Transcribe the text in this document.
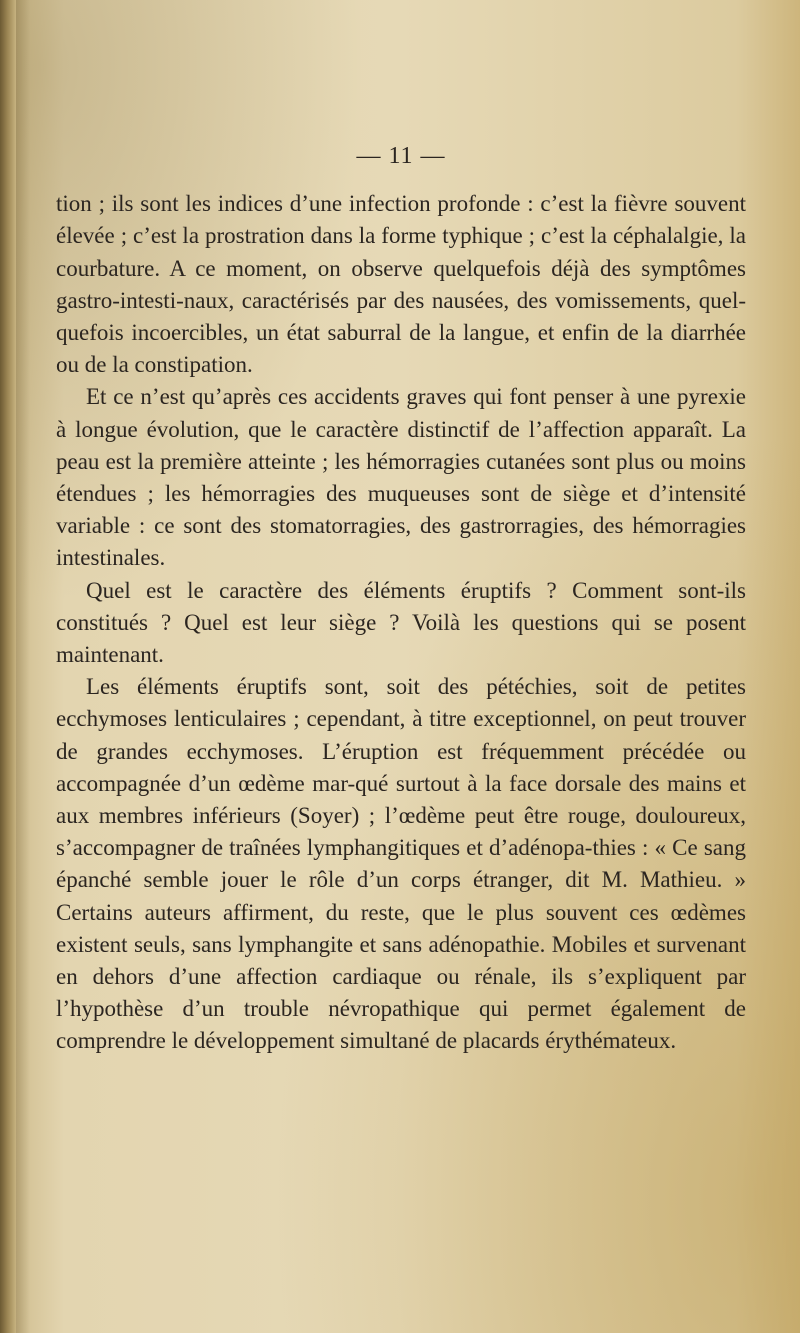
— 11 —

tion ; ils sont les indices d’une infection profonde : c’est la fièvre souvent élevée ; c’est la prostration dans la forme typhique ; c’est la céphalalgie, la courbature. A ce moment, on observe quelquefois déjà des symptômes gastro-intesti-naux, caractérisés par des nausées, des vomissements, quel-quefois incoercibles, un état saburral de la langue, et enfin de la diarrhée ou de la constipation.

Et ce n’est qu’après ces accidents graves qui font penser à une pyrexie à longue évolution, que le caractère distinctif de l’affection apparaît. La peau est la première atteinte ; les hémorragies cutanées sont plus ou moins étendues ; les hémorragies des muqueuses sont de siège et d’intensité variable : ce sont des stomatorragies, des gastrorragies, des hémorragies intestinales.

Quel est le caractère des éléments éruptifs ? Comment sont-ils constitués ? Quel est leur siège ? Voilà les questions qui se posent maintenant.

Les éléments éruptifs sont, soit des pétéchies, soit de petites ecchymoses lenticulaires ; cependant, à titre exceptionnel, on peut trouver de grandes ecchymoses. L’éruption est fréquemment précédée ou accompagnée d’un œdème mar-qué surtout à la face dorsale des mains et aux membres inférieurs (Soyer) ; l’œdème peut être rouge, douloureux, s’accompagner de traînées lymphangitiques et d’adénopa-thies : « Ce sang épanché semble jouer le rôle d’un corps étranger, dit M. Mathieu. » Certains auteurs affirment, du reste, que le plus souvent ces œdèmes existent seuls, sans lymphangite et sans adénopathie. Mobiles et survenant en dehors d’une affection cardiaque ou rénale, ils s’expliquent par l’hypothèse d’un trouble névropathique qui permet également de comprendre le développement simultané de placards érythémateux.
